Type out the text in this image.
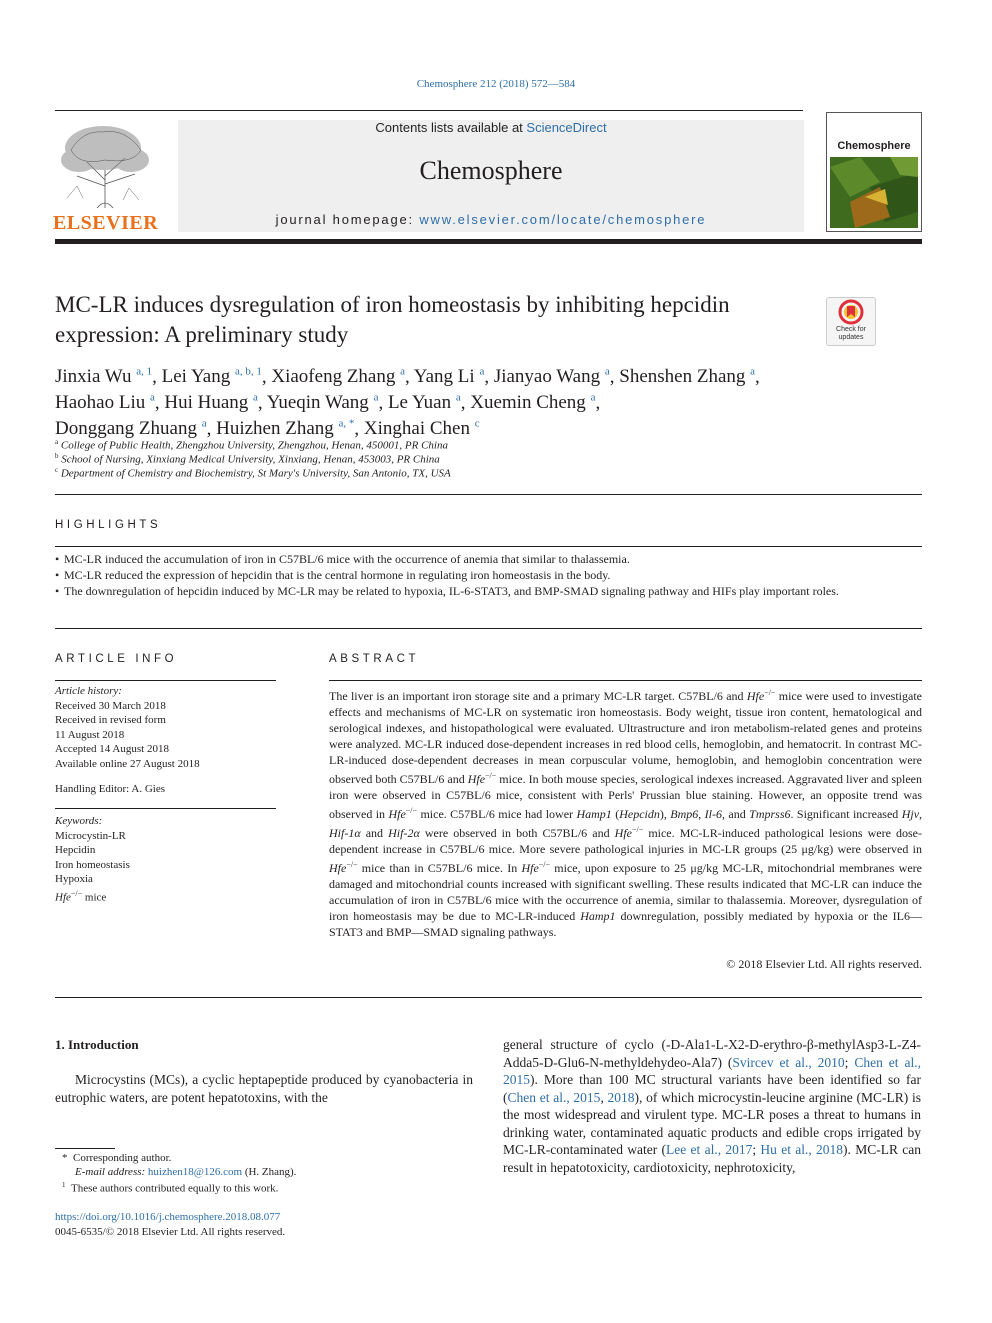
Chemosphere 212 (2018) 572—584
ELSEVIER
Contents lists available at ScienceDirect
Chemosphere
journal homepage: www.elsevier.com/locate/chemosphere
Chemosphere
MC-LR induces dysregulation of iron homeostasis by inhibiting hepcidin expression: A preliminary study	Check for updates
Jinxia Wu $^{a, 1}$, Lei Yang $^{a, b, 1}$, Xiaofeng Zhang $^a$, Yang Li $^a$, Jianyao Wang $^a$, Shenshen Zhang $^a$,
Haohao Liu $^a$, Hui Huang $^a$, Yueqin Wang $^a$, Le Yuan $^a$, Xuemin Cheng $^a$,
Donggang Zhuang $^a$, Huizhen Zhang $^{a, *}$, Xinghai Chen $^c$
$^a$ College of Public Health, Zhengzhou University, Zhengzhou, Henan, 450001, PR China
$^b$ School of Nursing, Xinxiang Medical University, Xinxiang, Henan, 453003, PR China
$^c$ Department of Chemistry and Biochemistry, St Mary's University, San Antonio, TX, USA
HIGHLIGHTS
• MC-LR induced the accumulation of iron in C57BL/6 mice with the occurrence of anemia that similar to thalassemia.
• MC-LR reduced the expression of hepcidin that is the central hormone in regulating iron homeostasis in the body.
• The downregulation of hepcidin induced by MC-LR may be related to hypoxia, IL-6-STAT3, and BMP-SMAD signaling pathway and HIFs play important roles.
ARTICLE INFO
Article history:
Received 30 March 2018
Received in revised form
11 August 2018
Accepted 14 August 2018
Available online 27 August 2018
Handling Editor: A. Gies
Keywords:
Microcystin-LR
Hepcidin
Iron homeostasis
Hypoxia
Hfe−/− mice
ABSTRACT
The liver is an important iron storage site and a primary MC-LR target. C57BL/6 and Hfe−/− mice were used to investigate effects and mechanisms of MC-LR on systematic iron homeostasis. Body weight, tissue iron content, hematological and serological indexes, and histopathological were evaluated. Ultrastructure and iron metabolism-related genes and proteins were analyzed. MC-LR induced dose-dependent increases in red blood cells, hemoglobin, and hematocrit. In contrast MC-LR-induced dose-dependent decreases in mean corpuscular volume, hemoglobin, and hemoglobin concentration were observed both C57BL/6 and Hfe−/− mice. In both mouse species, serological indexes increased. Aggravated liver and spleen iron were observed in C57BL/6 mice, consistent with Perls' Prussian blue staining. However, an opposite trend was observed in Hfe−/− mice. C57BL/6 mice had lower Hamp1 (Hepcidn), Bmp6, Il-6, and Tmprss6. Significant increased Hjv, Hif-1α and Hif-2α were observed in both C57BL/6 and Hfe−/− mice. MC-LR-induced pathological lesions were dose-dependent increase in C57BL/6 mice. More severe pathological injuries in MC-LR groups (25 μg/kg) were observed in Hfe−/− mice than in C57BL/6 mice. In Hfe−/− mice, upon exposure to 25 μg/kg MC-LR, mitochondrial membranes were damaged and mitochondrial counts increased with significant swelling. These results indicated that MC-LR can induce the accumulation of iron in C57BL/6 mice with the occurrence of anemia, similar to thalassemia. Moreover, dysregulation of iron homeostasis may be due to MC-LR-induced Hamp1 downregulation, possibly mediated by hypoxia or the IL6—STAT3 and BMP—SMAD signaling pathways.
© 2018 Elsevier Ltd. All rights reserved.
1. Introduction
Microcystins (MCs), a cyclic heptapeptide produced by cyanobacteria in eutrophic waters, are potent hepatotoxins, with the
general structure of cyclo (-D-Ala1-L-X2-D-erythro-β-methylAsp3-L-Z4-Adda5-D-Glu6-N-methyldehydeo-Ala7) (Svircev et al., 2010; Chen et al., 2015). More than 100 MC structural variants have been identified so far (Chen et al., 2015, 2018), of which microcystin-leucine arginine (MC-LR) is the most widespread and virulent type. MC-LR poses a threat to humans in drinking water, contaminated aquatic products and edible crops irrigated by MC-LR-contaminated water (Lee et al., 2017; Hu et al., 2018). MC-LR can result in hepatotoxicity, cardiotoxicity, nephrotoxicity,
*  Corresponding author.
E-mail address: huizhen18@126.com (H. Zhang).
$^1$ These authors contributed equally to this work.
https://doi.org/10.1016/j.chemosphere.2018.08.077
0045-6535/© 2018 Elsevier Ltd. All rights reserved.
